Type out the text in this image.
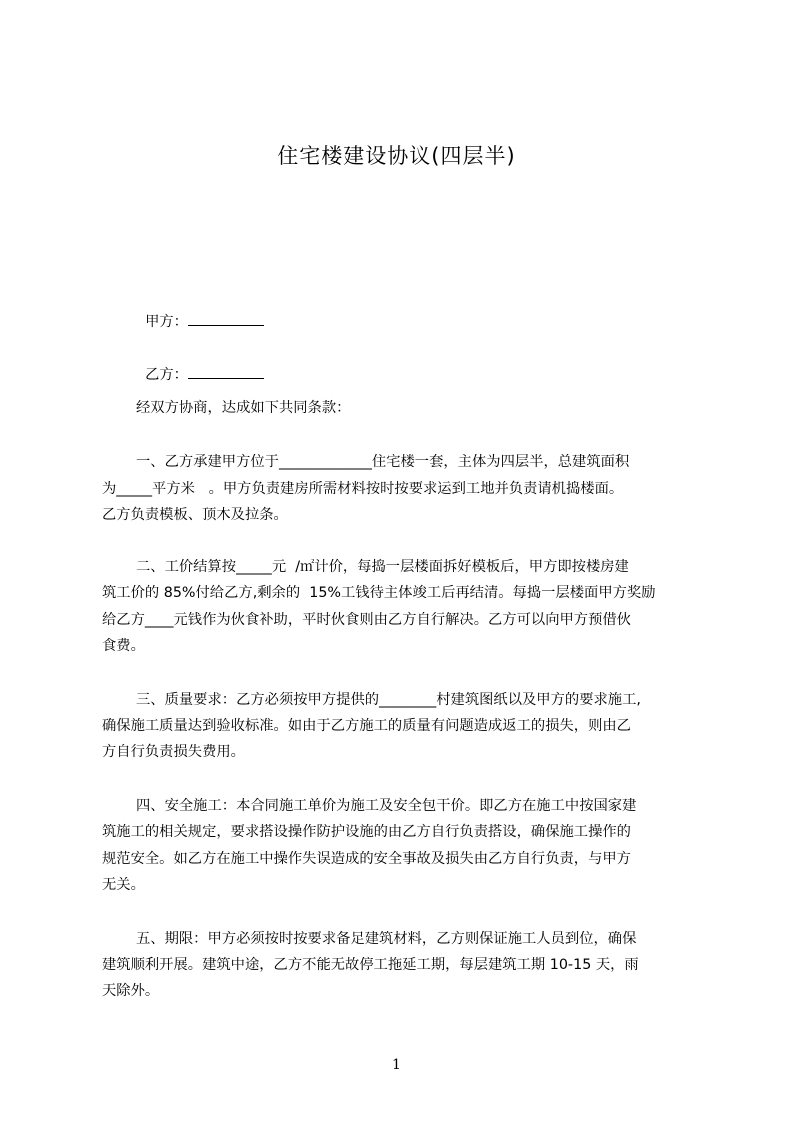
住宅楼建设协议(四层半)

甲方：

乙方：

经双方协商，达成如下共同条款：
一、乙方承建甲方位于_____________住宅楼一套，主体为四层半，总建筑面积
为_____平方米   。甲方负责建房所需材料按时按要求运到工地并负责请机捣楼面。
乙方负责模板、顶木及拉条。
二、工价结算按_____元  /㎡计价，每捣一层楼面拆好模板后，甲方即按楼房建
筑工价的 85%付给乙方,剩余的  15%工钱待主体竣工后再结清。每捣一层楼面甲方奖励
给乙方____元钱作为伙食补助，平时伙食则由乙方自行解决。乙方可以向甲方预借伙
食费。
三、质量要求：乙方必须按甲方提供的________村建筑图纸以及甲方的要求施工,
确保施工质量达到验收标准。如由于乙方施工的质量有问题造成返工的损失，则由乙
方自行负责损失费用。
四、安全施工：本合同施工单价为施工及安全包干价。即乙方在施工中按国家建
筑施工的相关规定，要求搭设操作防护设施的由乙方自行负责搭设，确保施工操作的
规范安全。如乙方在施工中操作失误造成的安全事故及损失由乙方自行负责，与甲方
无关。
五、期限：甲方必须按时按要求备足建筑材料，乙方则保证施工人员到位，确保
建筑顺利开展。建筑中途，乙方不能无故停工拖延工期，每层建筑工期 10-15 天，雨
天除外。
1
